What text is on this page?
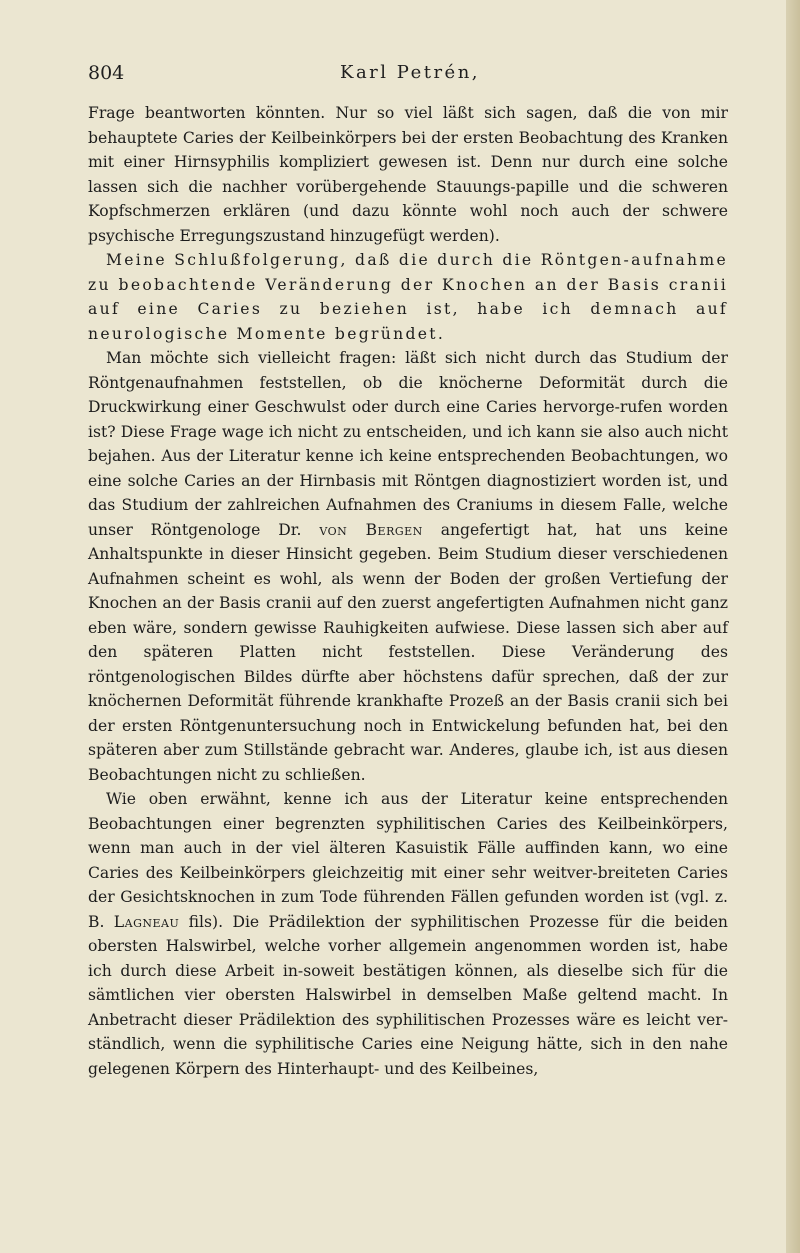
804	Karl Petrén,

Frage beantworten könnten. Nur so viel läßt sich sagen, daß die von mir behauptete Caries der Keilbeinkörpers bei der ersten Beobachtung des Kranken mit einer Hirnsyphilis kompliziert gewesen ist. Denn nur durch eine solche lassen sich die nachher vorübergehende Stauungs-papille und die schweren Kopfschmerzen erklären (und dazu könnte wohl noch auch der schwere psychische Erregungszustand hinzugefügt werden).

Meine Schlußfolgerung, daß die durch die Röntgen-aufnahme zu beobachtende Veränderung der Knochen an der Basis cranii auf eine Caries zu beziehen ist, habe ich demnach auf neurologische Momente begründet.

Man möchte sich vielleicht fragen: läßt sich nicht durch das Studium der Röntgenaufnahmen feststellen, ob die knöcherne Deformität durch die Druckwirkung einer Geschwulst oder durch eine Caries hervorge-rufen worden ist? Diese Frage wage ich nicht zu entscheiden, und ich kann sie also auch nicht bejahen. Aus der Literatur kenne ich keine entsprechenden Beobachtungen, wo eine solche Caries an der Hirnbasis mit Röntgen diagnostiziert worden ist, und das Studium der zahlreichen Aufnahmen des Craniums in diesem Falle, welche unser Röntgenologe Dr. von Bergen angefertigt hat, hat uns keine Anhaltspunkte in dieser Hinsicht gegeben. Beim Studium dieser verschiedenen Aufnahmen scheint es wohl, als wenn der Boden der großen Vertiefung der Knochen an der Basis cranii auf den zuerst angefertigten Aufnahmen nicht ganz eben wäre, sondern gewisse Rauhigkeiten aufwiese. Diese lassen sich aber auf den späteren Platten nicht feststellen. Diese Veränderung des röntgenologischen Bildes dürfte aber höchstens dafür sprechen, daß der zur knöchernen Deformität führende krankhafte Prozeß an der Basis cranii sich bei der ersten Röntgenuntersuchung noch in Entwickelung befunden hat, bei den späteren aber zum Stillstände gebracht war. Anderes, glaube ich, ist aus diesen Beobachtungen nicht zu schließen.

Wie oben erwähnt, kenne ich aus der Literatur keine entsprechenden Beobachtungen einer begrenzten syphilitischen Caries des Keilbeinkörpers, wenn man auch in der viel älteren Kasuistik Fälle auffinden kann, wo eine Caries des Keilbeinkörpers gleichzeitig mit einer sehr weitver-breiteten Caries der Gesichtsknochen in zum Tode führenden Fällen gefunden worden ist (vgl. z. B. Lagneau fils). Die Prädilektion der syphilitischen Prozesse für die beiden obersten Halswirbel, welche vorher allgemein angenommen worden ist, habe ich durch diese Arbeit in-soweit bestätigen können, als dieselbe sich für die sämtlichen vier obersten Halswirbel in demselben Maße geltend macht. In Anbetracht dieser Prädilektion des syphilitischen Prozesses wäre es leicht ver-ständlich, wenn die syphilitische Caries eine Neigung hätte, sich in den nahe gelegenen Körpern des Hinterhaupt- und des Keilbeines,
